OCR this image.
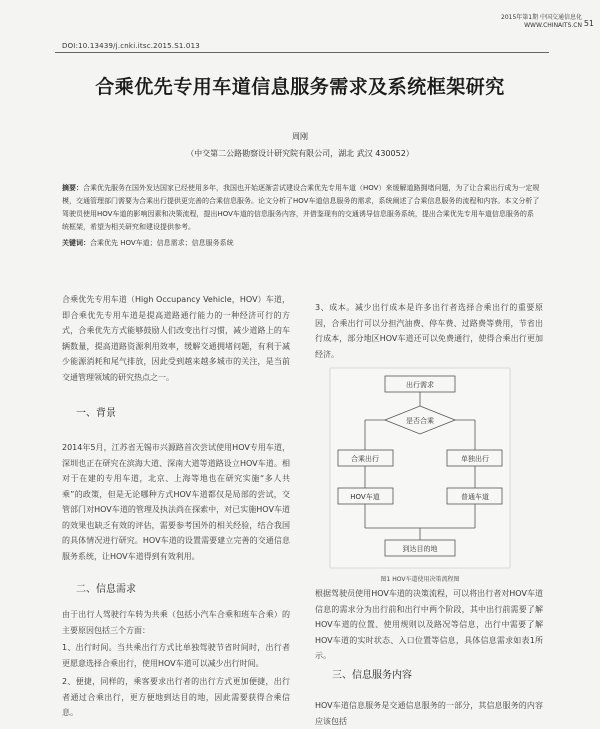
2015年第1期 中国交通信息化
WWW.CHINAITS.CN 51
DOI:10.13439/j.cnki.itsc.2015.S1.013
合乘优先专用车道信息服务需求及系统框架研究
周刚
（中交第二公路勘察设计研究院有限公司，湖北 武汉 430052）
摘要：合乘优先服务在国外发达国家已经使用多年，我国也开始逐渐尝试建设合乘优先专用车道（HOV）来缓解道路拥堵问题，为了让合乘出行成为一定规模，交通管理部门需要为合乘出行提供更完善的合乘信息服务。论文分析了HOV车道信息服务的需求，系统阐述了合乘信息服务的流程和内容。本文分析了驾驶员使用HOV车道的影响因素和决策流程，提出HOV车道的信息服务内容，并借鉴现有的交通诱导信息服务系统，提出合乘优先专用车道信息服务的系统框架，希望为相关研究和建设提供参考。
关键词：合乘优先 HOV车道；信息需求；信息服务系统
合乘优先专用车道（High Occupancy Vehicle，HOV）车道，即合乘优先专用车道是提高道路通行能力的一种经济可行的方式，合乘优先方式能够鼓励人们改变出行习惯，减少道路上的车辆数量，提高道路资源利用效率，缓解交通拥堵问题，有利于减少能源消耗和尾气排放，因此受到越来越多城市的关注，是当前交通管理领域的研究热点之一。
一、背景
2014年5月，江苏省无锡市兴源路首次尝试使用HOV专用车道，深圳也正在研究在滨海大道、深南大道等道路设立HOV车道。相对于在建的专用车道，北京、上海等地也在研究实施“多人共乘”的政策，但是无论哪种方式HOV车道都仅是局部的尝试，交管部门对HOV车道的管理及执法尚在探索中，对已实施HOV车道的效果也缺乏有效的评估，需要参考国外的相关经验，结合我国的具体情况进行研究。HOV车道的设置需要建立完善的交通信息服务系统，让HOV车道得到有效利用。
二、信息需求
由于出行人驾驶行车转为共乘（包括小汽车合乘和班车合乘）的主要原因包括三个方面：
1、出行时间。当共乘出行方式比单独驾驶节省时间时，出行者更愿意选择合乘出行，使用HOV车道可以减少出行时间。
2、便捷，同样的，乘客要求出行者的出行方式更加便捷，出行者通过合乘出行，更方便地到达目的地，因此需要获得合乘信息。
3、成本。减少出行成本是许多出行者选择合乘出行的重要原因，合乘出行可以分担汽油费、停车费、过路费等费用，节省出行成本，部分地区HOV车道还可以免费通行，使得合乘出行更加经济。
出行需求
是否合乘
合乘出行	单独出行
HOV车道	普通车道
到达目的地
图1 HOV车道使用决策流程图
根据驾驶员使用HOV车道的决策流程，可以将出行者对HOV车道信息的需求分为出行前和出行中两个阶段，其中出行前需要了解HOV车道的位置、使用规则以及路况等信息，出行中需要了解HOV车道的实时状态、入口位置等信息，具体信息需求如表1所示。
三、信息服务内容
HOV车道信息服务是交通信息服务的一部分，其信息服务的内容应该包括
